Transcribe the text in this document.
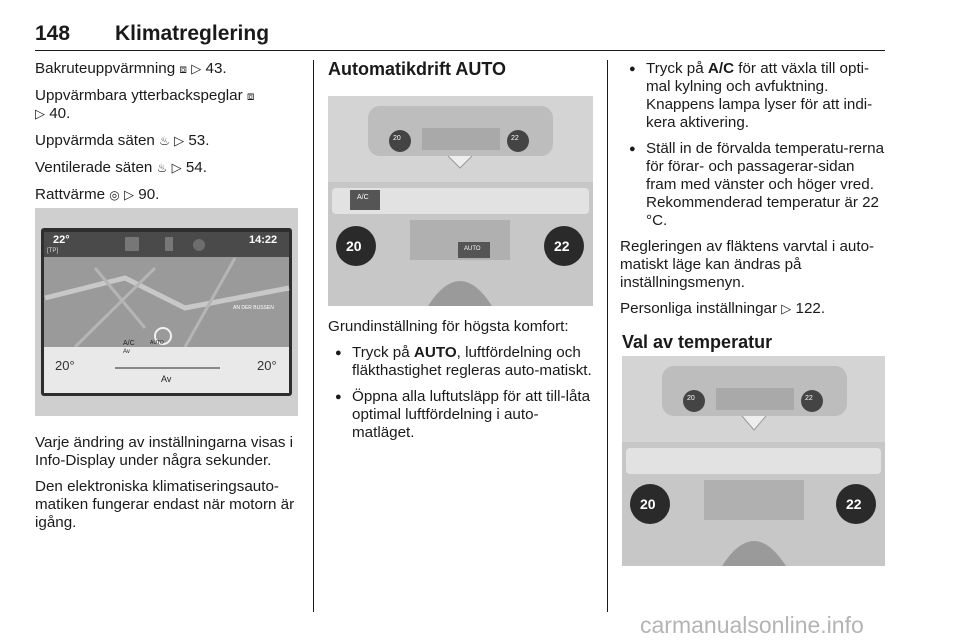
148 Klimatreglering

Bakruteuppvärmning ⧈ ▷ 43.

Uppvärmbara ytterbackspeglar ⧈
▷ 40.

Uppvärmda säten ♨ ▷ 53.

Ventilerade säten ♨ ▷ 54.

Rattvärme ◎ ▷ 90.

22°
[TP]
14:22
AN DER BUSSEN
20°	20°
A/C
Av
AUTO
Av

Varje ändring av inställningarna visas i Info-Display under några sekunder.

Den elektroniska klimatiseringsauto-matiken fungerar endast när motorn är igång.

Automatikdrift AUTO
20	22
A/C
AUTO
20	22

Grundinställning för högsta komfort:

● Tryck på AUTO, luftfördelning och fläkthastighet regleras auto-matiskt.
● Öppna alla luftutsläpp för att till-låta optimal luftfördelning i auto-matläget.
● Tryck på A/C för att växla till opti-mal kylning och avfuktning. Knappens lampa lyser för att indi-kera aktivering.
● Ställ in de förvalda temperatu-rerna för förar- och passagerar-sidan fram med vänster och höger vred. Rekommenderad temperatur är 22 °C.

Regleringen av fläktens varvtal i auto-matiskt läge kan ändras på inställningsmenyn.

Personliga inställningar ▷ 122.

Val av temperatur
20	22
20	22
carmanualsonline.info
